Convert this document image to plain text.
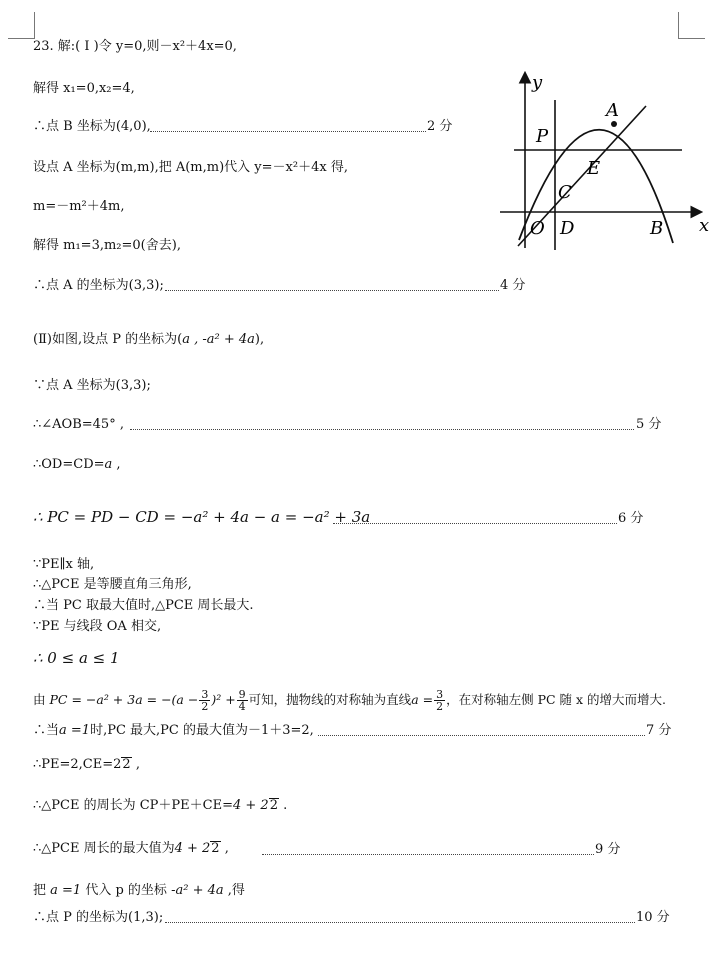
23. 解:( I )令 y=0,则－x²＋4x=0,
解得 x₁=0,x₂=4,
∴点 B 坐标为(4,0),	2 分
设点 A 坐标为(m,m),把 A(m,m)代入 y=－x²＋4x 得,
m=－m²＋4m,
解得 m₁=3,m₂=0(舍去),
∴点 A 的坐标为(3,3);	4 分
(Ⅱ)如图,设点 P 的坐标为(a , -a² + 4a),
∵点 A 坐标为(3,3);
∴∠AOB=45° ,	5 分
∴OD=CD=a ,
∴ PC = PD − CD = −a² + 4a − a = −a² + 3a	6 分
∵PE∥x 轴,
∴△PCE 是等腰直角三角形,
∴当 PC 取最大值时,△PCE 周长最大.
∵PE 与线段 OA 相交,
∴ 0 ≤ a ≤ 1
由 PC = $-a^2 + 3a = -(a - \frac{3}{2} )^2 + \frac{9}{4}$ 可知，抛物线的对称轴为直线$a = \frac{3}{2}$ ，在对称轴左侧 PC 随 x 的增大而增大.
∴当a =1时,PC 最大,PC 的最大值为－1＋3=2,	7 分
∴PE=2,CE=22 ,
∴△PCE 的周长为 CP＋PE＋CE=4 + 22 .
∴△PCE 周长的最大值为4 + 22 ,	9 分
把 a =1 代入 p 的坐标 -a² + 4a ,得
∴点 P 的坐标为(1,3);	10 分
y
x
A
P
E
C
O D	B
